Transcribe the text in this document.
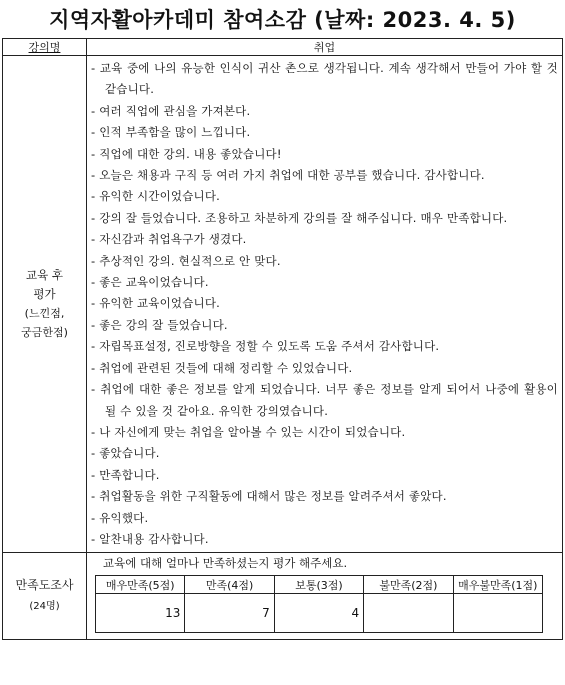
지역자활아카데미 참여소감 (날짜: 2023. 4. 5)
강의명	취업

교육 후
평가
(느낀점,
궁금한점)

- 교육 중에 나의 유능한 인식이 귀산 촌으로 생각됩니다. 계속 생각해서 만들어 가야 할 것 같습니다.
- 여러 직업에 관심을 가져본다.
- 인적 부족함을 많이 느낍니다.
- 직업에 대한 강의. 내용 좋았습니다!
- 오늘은 채용과 구직 등 여러 가지 취업에 대한 공부를 했습니다. 감사합니다.
- 유익한 시간이었습니다.
- 강의 잘 들었습니다. 조용하고 차분하게 강의를 잘 해주십니다. 매우 만족합니다.
- 자신감과 취업욕구가 생겼다.
- 추상적인 강의. 현실적으로 안 맞다.
- 좋은 교육이었습니다.
- 유익한 교육이었습니다.
- 좋은 강의 잘 들었습니다.
- 자립목표설정, 진로방향을 정할 수 있도록 도움 주셔서 감사합니다.
- 취업에 관련된 것들에 대해 정리할 수 있었습니다.
- 취업에 대한 좋은 정보를 알게 되었습니다. 너무 좋은 정보를 알게 되어서 나중에 활용이 될 수 있을 것 같아요. 유익한 강의였습니다.
- 나 자신에게 맞는 취업을 알아볼 수 있는 시간이 되었습니다.
- 좋았습니다.
- 만족합니다.
- 취업활동을 위한 구직활동에 대해서 많은 정보를 알려주셔서 좋았다.
- 유익했다.
- 알찬내용 감사합니다.

만족도조사
(24명)

교육에 대해 얼마나 만족하셨는지 평가 해주세요.
매우만족(5점)	만족(4점)	보통(3점)	불만족(2점)	매우불만족(1점)
13	7	4		
